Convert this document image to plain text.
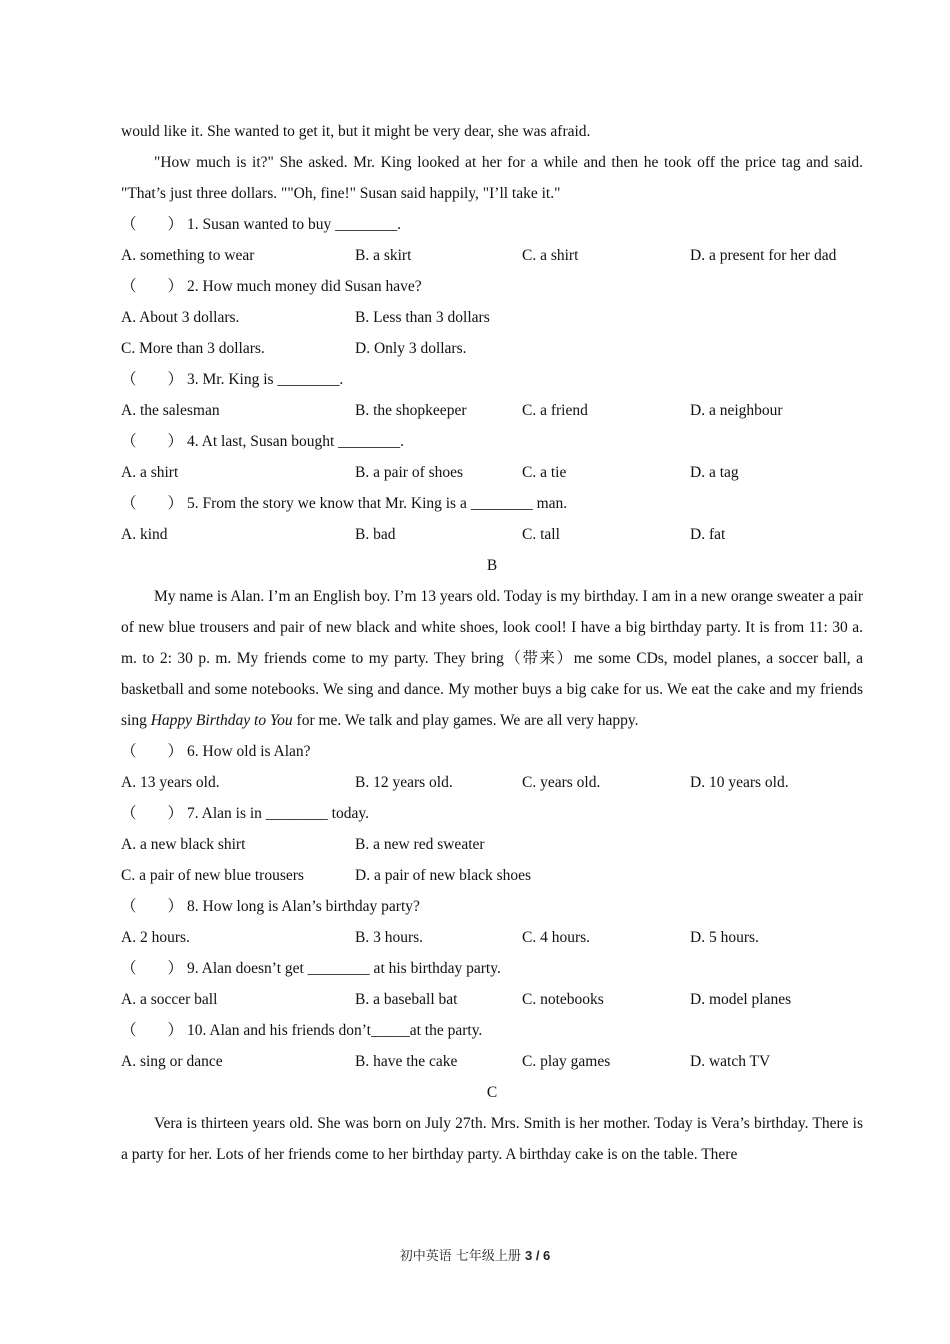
would like it. She wanted to get it, but it might be very dear, she was afraid.

"How much is it?" She asked. Mr. King looked at her for a while and then he took off the price tag and said. "That’s just three dollars. ""Oh, fine!" Susan said happily, "I’ll take it."

（　　） 1. Susan wanted to buy ________.
A. something to wear	B. a skirt	C. a shirt	D. a present for her dad
（　　） 2. How much money did Susan have?
A. About 3 dollars.	B. Less than 3 dollars
C. More than 3 dollars.	D. Only 3 dollars.
（　　） 3. Mr. King is ________.
A. the salesman	B. the shopkeeper	C. a friend	D. a neighbour
（　　） 4. At last, Susan bought ________.
A. a shirt	B. a pair of shoes	C. a tie	D. a tag
（　　） 5. From the story we know that Mr. King is a ________ man.
A. kind	B. bad	C. tall	D. fat
B

My name is Alan. I’m an English boy. I’m 13 years old. Today is my birthday. I am in a new orange sweater a pair of new blue trousers and pair of new black and white shoes, look cool! I have a big birthday party. It is from 11: 30 a. m. to 2: 30 p. m. My friends come to my party. They bring（带来）me some CDs, model planes, a soccer ball, a basketball and some notebooks. We sing and dance. My mother buys a big cake for us. We eat the cake and my friends sing Happy Birthday to You for me. We talk and play games. We are all very happy.

（　　） 6. How old is Alan?
A. 13 years old.	B. 12 years old.	C. years old.	D. 10 years old.
（　　） 7. Alan is in ________ today.
A. a new black shirt	B. a new red sweater
C. a pair of new blue trousers	D. a pair of new black shoes
（　　） 8. How long is Alan’s birthday party?
A. 2 hours.	B. 3 hours.	C. 4 hours.	D. 5 hours.
（　　） 9. Alan doesn’t get ________ at his birthday party.
A. a soccer ball	B. a baseball bat	C. notebooks	D. model planes
（　　） 10. Alan and his friends don’t_____at the party.
A. sing or dance	B. have the cake	C. play games	D. watch TV
C

Vera is thirteen years old. She was born on July 27th. Mrs. Smith is her mother. Today is Vera’s birthday. There is a party for her. Lots of her friends come to her birthday party. A birthday cake is on the table. There

初中英语 七年级上册 3 / 6
